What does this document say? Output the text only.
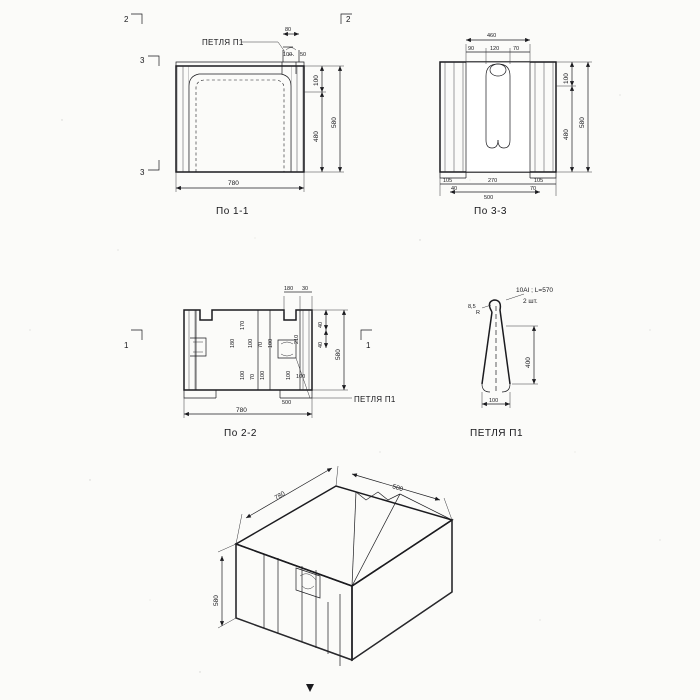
ПЕТЛЯ П1
80
100 50
100
480
580
780
По 1-1
2	2
3
3
460
90	120	70
100
480
580
105	270	105
40
500
70
По 3-3
1	1
180 30
170
100 70 100
180
100 70 100
210
100
40
40
580
780
500
100
ПЕТЛЯ П1
По 2-2
8,5
R
10АI ; L=570
2 шт.
400
100
ПЕТЛЯ П1
780
500
580
